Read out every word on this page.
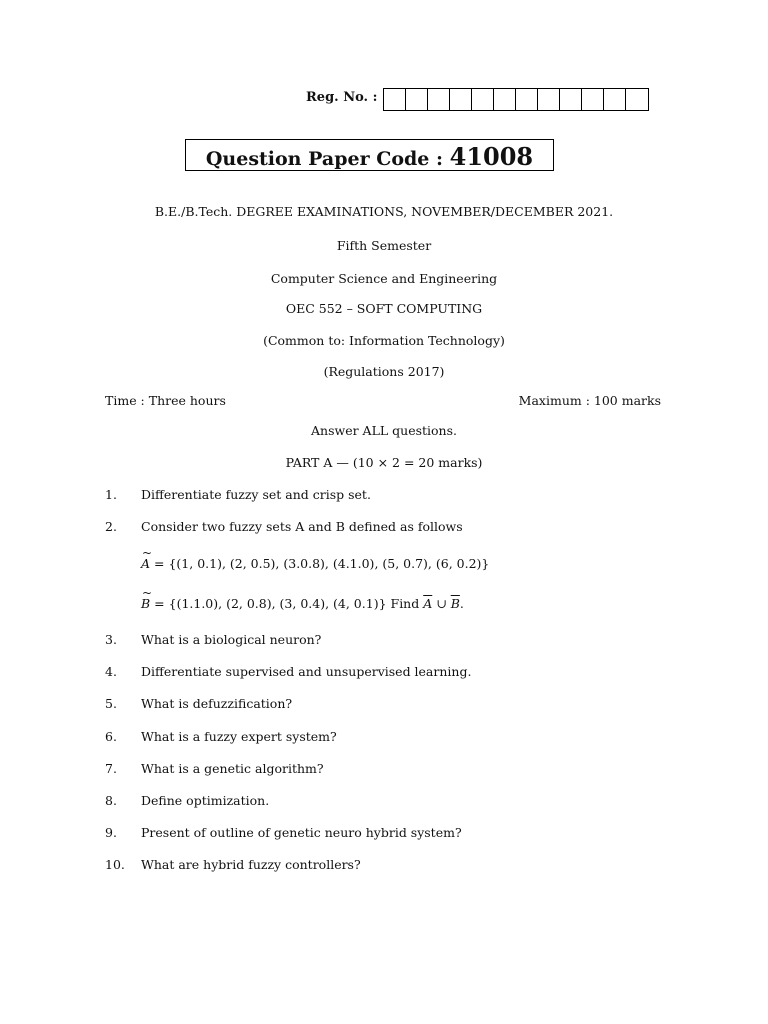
Reg. No. :
Question Paper Code : 41008
B.E./B.Tech. DEGREE EXAMINATIONS, NOVEMBER/DECEMBER 2021.
Fifth Semester
Computer Science and Engineering
OEC 552 – SOFT COMPUTING
(Common to: Information Technology)
(Regulations 2017)
Time : Three hours	Maximum : 100 marks
Answer ALL questions.
PART A — (10 × 2 = 20 marks)
1. Differentiate fuzzy set and crisp set.
2. Consider two fuzzy sets A and B defined as follows
~ A = {(1, 0.1), (2, 0.5), (3.0.8), (4.1.0), (5, 0.7), (6, 0.2)}
~ B = {(1.1.0), (2, 0.8), (3, 0.4), (4, 0.1)} Find $\overline{A}$ ∪ $\overline{B}$.
3. What is a biological neuron?
4. Differentiate supervised and unsupervised learning.
5. What is defuzzification?
6. What is a fuzzy expert system?
7. What is a genetic algorithm?
8. Define optimization.
9. Present of outline of genetic neuro hybrid system?
10. What are hybrid fuzzy controllers?
